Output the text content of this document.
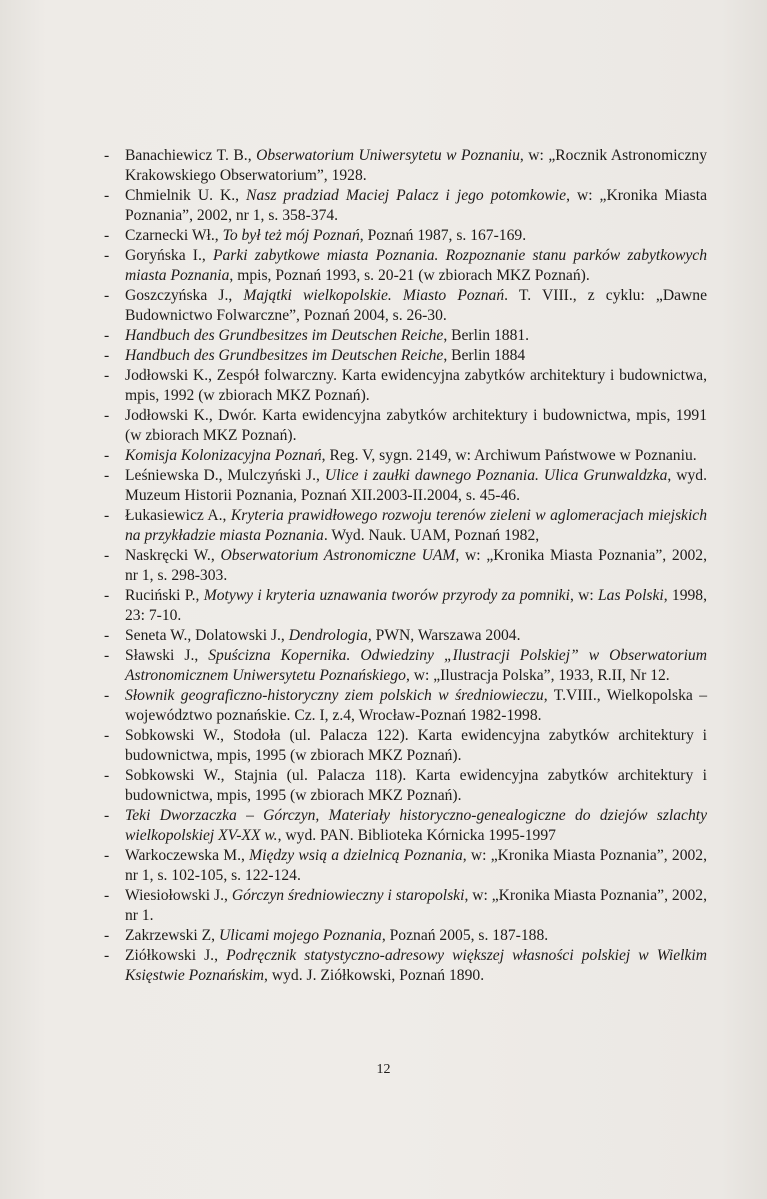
- Banachiewicz T. B., Obserwatorium Uniwersytetu w Poznaniu, w: „Rocznik Astronomiczny Krakowskiego Obserwatorium”, 1928.
- Chmielnik U. K., Nasz pradziad Maciej Palacz i jego potomkowie, w: „Kronika Miasta Poznania”, 2002, nr 1, s. 358-374.
- Czarnecki Wł., To był też mój Poznań, Poznań 1987, s. 167-169.
- Goryńska I., Parki zabytkowe miasta Poznania. Rozpoznanie stanu parków zabytkowych miasta Poznania, mpis, Poznań 1993, s. 20-21 (w zbiorach MKZ Poznań).
- Goszczyńska J., Majątki wielkopolskie. Miasto Poznań. T. VIII., z cyklu: „Dawne Budownictwo Folwarczne”, Poznań 2004, s. 26-30.
- Handbuch des Grundbesitzes im Deutschen Reiche, Berlin 1881.
- Handbuch des Grundbesitzes im Deutschen Reiche, Berlin 1884
- Jodłowski K., Zespół folwarczny. Karta ewidencyjna zabytków architektury i budownictwa, mpis, 1992 (w zbiorach MKZ Poznań).
- Jodłowski K., Dwór. Karta ewidencyjna zabytków architektury i budownictwa, mpis, 1991 (w zbiorach MKZ Poznań).
- Komisja Kolonizacyjna Poznań, Reg. V, sygn. 2149, w: Archiwum Państwowe w Poznaniu.
- Leśniewska D., Mulczyński J., Ulice i zaułki dawnego Poznania. Ulica Grunwaldzka, wyd. Muzeum Historii Poznania, Poznań XII.2003-II.2004, s. 45-46.
- Łukasiewicz A., Kryteria prawidłowego rozwoju terenów zieleni w aglomeracjach miejskich na przykładzie miasta Poznania. Wyd. Nauk. UAM, Poznań 1982,
- Naskręcki W., Obserwatorium Astronomiczne UAM, w: „Kronika Miasta Poznania”, 2002, nr 1, s. 298-303.
- Ruciński P., Motywy i kryteria uznawania tworów przyrody za pomniki, w: Las Polski, 1998, 23: 7-10.
- Seneta W., Dolatowski J., Dendrologia, PWN, Warszawa 2004.
- Sławski J., Spuścizna Kopernika. Odwiedziny „Ilustracji Polskiej” w Obserwatorium Astronomicznem Uniwersytetu Poznańskiego, w: „Ilustracja Polska”, 1933, R.II, Nr 12.
- Słownik geograficzno-historyczny ziem polskich w średniowieczu, T.VIII., Wielkopolska – województwo poznańskie. Cz. I, z.4, Wrocław-Poznań 1982-1998.
- Sobkowski W., Stodoła (ul. Palacza 122). Karta ewidencyjna zabytków architektury i budownictwa, mpis, 1995 (w zbiorach MKZ Poznań).
- Sobkowski W., Stajnia (ul. Palacza 118). Karta ewidencyjna zabytków architektury i budownictwa, mpis, 1995 (w zbiorach MKZ Poznań).
- Teki Dworzaczka – Górczyn, Materiały historyczno-genealogiczne do dziejów szlachty wielkopolskiej XV-XX w., wyd. PAN. Biblioteka Kórnicka 1995-1997
- Warkoczewska M., Między wsią a dzielnicą Poznania, w: „Kronika Miasta Poznania”, 2002, nr 1, s. 102-105, s. 122-124.
- Wiesiołowski J., Górczyn średniowieczny i staropolski, w: „Kronika Miasta Poznania”, 2002, nr 1.
- Zakrzewski Z, Ulicami mojego Poznania, Poznań 2005, s. 187-188.
- Ziółkowski J., Podręcznik statystyczno-adresowy większej własności polskiej w Wielkim Księstwie Poznańskim, wyd. J. Ziółkowski, Poznań 1890.
12
